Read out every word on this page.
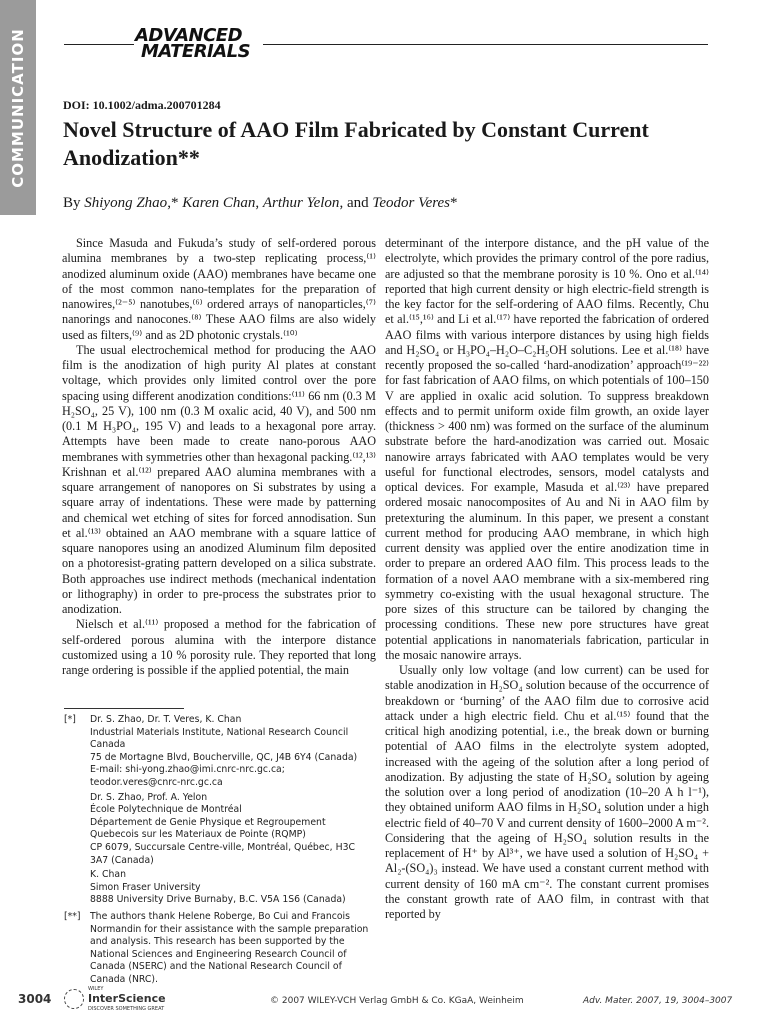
COMMUNICATION	ADVANCED
MATERIALS
DOI: 10.1002/adma.200701284
Novel Structure of AAO Film Fabricated by Constant Current Anodization**
By Shiyong Zhao,* Karen Chan, Arthur Yelon, and Teodor Veres*

Since Masuda and Fukuda’s study of self-ordered porous alumina membranes by a two-step replicating process,⁽¹⁾ anodized aluminum oxide (AAO) membranes have became one of the most common nano-templates for the preparation of nanowires,⁽²⁻⁵⁾ nanotubes,⁽⁶⁾ ordered arrays of nanoparticles,⁽⁷⁾ nanorings and nanocones.⁽⁸⁾ These AAO films are also widely used as filters,⁽⁹⁾ and as 2D photonic crystals.⁽¹⁰⁾

The usual electrochemical method for producing the AAO film is the anodization of high purity Al plates at constant voltage, which provides only limited control over the pore spacing using different anodization conditions:⁽¹¹⁾ 66 nm (0.3 M H₂SO₄, 25 V), 100 nm (0.3 M oxalic acid, 40 V), and 500 nm (0.1 M H₃PO₄, 195 V) and leads to a hexagonal pore array. Attempts have been made to create nano-porous AAO membranes with symmetries other than hexagonal packing.⁽¹²,¹³⁾ Krishnan et al.⁽¹²⁾ prepared AAO alumina membranes with a square arrangement of nanopores on Si substrates by using a square array of indentations. These were made by patterning and chemical wet etching of sites for forced annodisation. Sun et al.⁽¹³⁾ obtained an AAO membrane with a square lattice of square nanopores using an anodized Aluminum film deposited on a photoresist-grating pattern developed on a silica substrate. Both approaches use indirect methods (mechanical indentation or lithography) in order to pre-process the substrates prior to anodization.

Nielsch et al.⁽¹¹⁾ proposed a method for the fabrication of self-ordered porous alumina with the interpore distance customized using a 10 % porosity rule. They reported that long range ordering is possible if the applied potential, the main

determinant of the interpore distance, and the pH value of the electrolyte, which provides the primary control of the pore radius, are adjusted so that the membrane porosity is 10 %. Ono et al.⁽¹⁴⁾ reported that high current density or high electric-field strength is the key factor for the self-ordering of AAO films. Recently, Chu et al.⁽¹⁵,¹⁶⁾ and Li et al.⁽¹⁷⁾ have reported the fabrication of ordered AAO films with various interpore distances by using high fields and H₂SO₄ or H₃PO₄–H₂O–C₂H₅OH solutions. Lee et al.⁽¹⁸⁾ have recently proposed the so-called ‘hard-anodization’ approach⁽¹⁹⁻²²⁾ for fast fabrication of AAO films, on which potentials of 100–150 V are applied in oxalic acid solution. To suppress breakdown effects and to permit uniform oxide film growth, an oxide layer (thickness > 400 nm) was formed on the surface of the aluminum substrate before the hard-anodization was carried out. Mosaic nanowire arrays fabricated with AAO templates would be very useful for functional electrodes, sensors, model catalysts and optical devices. For example, Masuda et al.⁽²³⁾ have prepared ordered mosaic nanocomposites of Au and Ni in AAO film by pretexturing the aluminum. In this paper, we present a constant current method for producing AAO membrane, in which high current density was applied over the entire anodization time in order to prepare an ordered AAO film. This process leads to the formation of a novel AAO membrane with a six-membered ring symmetry co-existing with the usual hexagonal structure. The pore sizes of this structure can be tailored by changing the processing conditions. These new pore structures have great potential applications in nanomaterials fabrication, particular in the mosaic nanowire arrays.

Usually only low voltage (and low current) can be used for stable anodization in H₂SO₄ solution because of the occurrence of breakdown or ‘burning’ of the AAO film due to corrosive acid attack under a high electric field. Chu et al.⁽¹⁵⁾ found that the critical high anodizing potential, i.e., the break down or burning potential of AAO films in the electrolyte system adopted, increased with the ageing of the solution after a long period of anodization. By adjusting the state of H₂SO₄ solution by ageing the solution over a long period of anodization (10–20 A h l⁻¹), they obtained uniform AAO films in H₂SO₄ solution under a high electric field of 40–70 V and current density of 1600–2000 A m⁻². Considering that the ageing of H₂SO₄ solution results in the replacement of H⁺ by Al³⁺, we have used a solution of H₂SO₄ + Al₂-(SO₄)₃ instead. We have used a constant current method with current density of 160 mA cm⁻². The constant current promises the constant growth rate of AAO film, in contrast with that reported by

[*]	Dr. S. Zhao, Dr. T. Veres, K. Chan
Industrial Materials Institute, National Research Council Canada
75 de Mortagne Blvd, Boucherville, QC, J4B 6Y4 (Canada)
E-mail: shi-yong.zhao@imi.cnrc-nrc.gc.ca;
teodor.veres@cnrc-nrc.gc.ca
Dr. S. Zhao, Prof. A. Yelon
École Polytechnique de Montréal
Département de Genie Physique et Regroupement Quebecois sur les Materiaux de Pointe (RQMP)
CP 6079, Succursale Centre-ville, Montréal, Québec, H3C 3A7 (Canada)
K. Chan
Simon Fraser University
8888 University Drive Burnaby, B.C. V5A 1S6 (Canada)
[**]	The authors thank Helene Roberge, Bo Cui and Francois Normandin for their assistance with the sample preparation and analysis. This research has been supported by the National Sciences and Engineering Research Council of Canada (NSERC) and the National Research Council of Canada (NRC).
3004
WILEY
InterScience
DISCOVER SOMETHING GREAT
© 2007 WILEY-VCH Verlag GmbH & Co. KGaA, Weinheim	Adv. Mater. 2007, 19, 3004–3007
